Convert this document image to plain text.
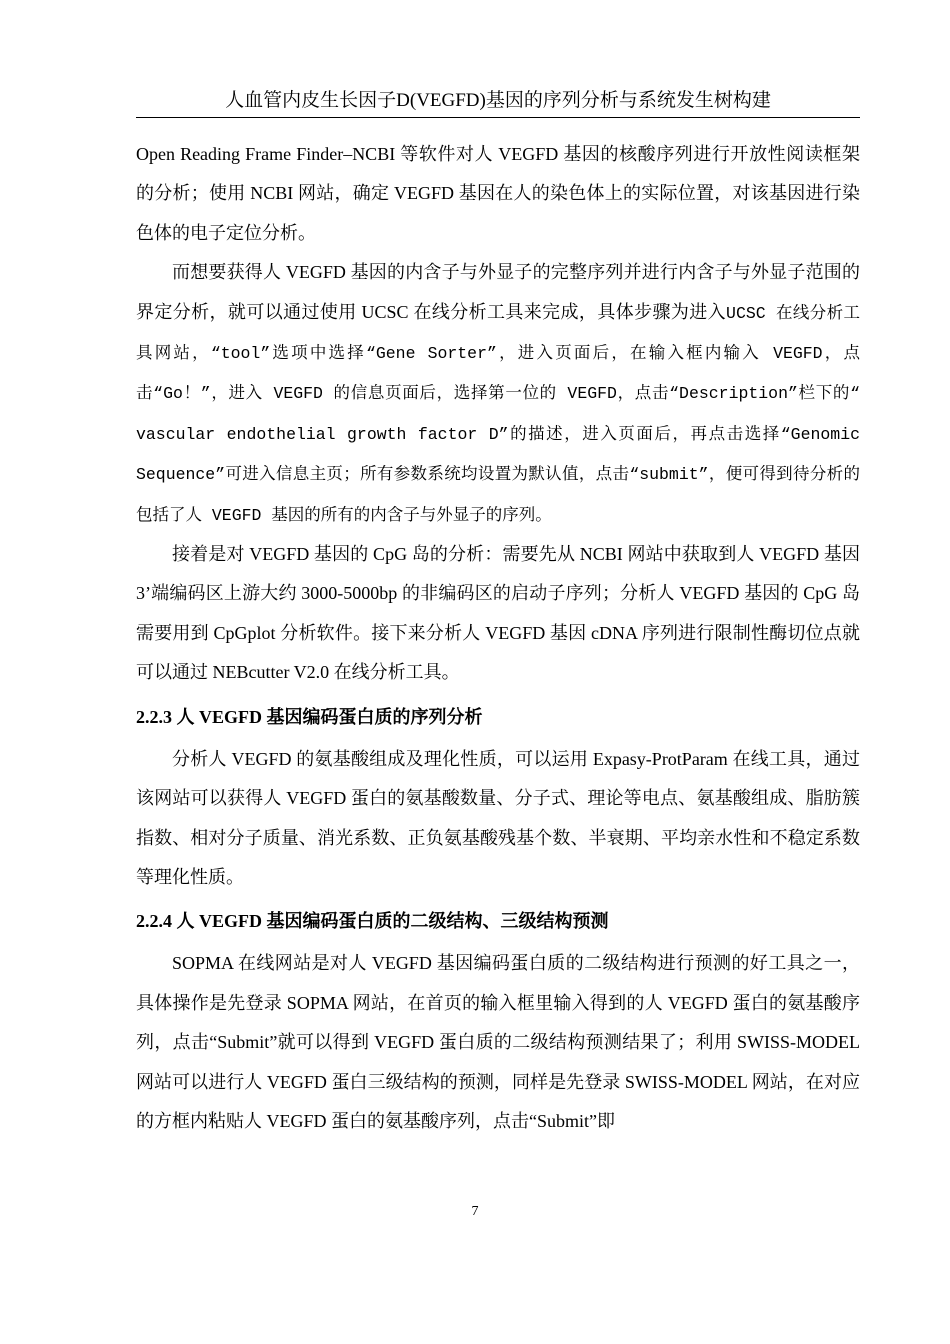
人血管内皮生长因子D(VEGFD)基因的序列分析与系统发生树构建

Open Reading Frame Finder–NCBI 等软件对人 VEGFD 基因的核酸序列进行开放性阅读框架的分析；使用 NCBI 网站，确定 VEGFD 基因在人的染色体上的实际位置，对该基因进行染色体的电子定位分析。

而想要获得人 VEGFD 基因的内含子与外显子的完整序列并进行内含子与外显子范围的界定分析，就可以通过使用 UCSC 在线分析工具来完成，具体步骤为进入UCSC 在线分析工具网站，“tool”选项中选择“Gene Sorter”，进入页面后，在输入框内输入 VEGFD，点击“Go！”，进入 VEGFD 的信息页面后，选择第一位的 VEGFD，点击“Description”栏下的“ vascular endothelial growth factor D”的描述，进入页面后，再点击选择“Genomic Sequence”可进入信息主页；所有参数系统均设置为默认值，点击“submit”，便可得到待分析的包括了人 VEGFD 基因的所有的内含子与外显子的序列。

接着是对 VEGFD 基因的 CpG 岛的分析：需要先从 NCBI 网站中获取到人 VEGFD 基因 3’端编码区上游大约 3000-5000bp 的非编码区的启动子序列；分析人 VEGFD 基因的 CpG 岛需要用到 CpGplot 分析软件。接下来分析人 VEGFD 基因 cDNA 序列进行限制性酶切位点就可以通过 NEBcutter V2.0 在线分析工具。

2.2.3 人 VEGFD 基因编码蛋白质的序列分析

分析人 VEGFD 的氨基酸组成及理化性质，可以运用 Expasy-ProtParam 在线工具，通过该网站可以获得人 VEGFD 蛋白的氨基酸数量、分子式、理论等电点、氨基酸组成、脂肪簇指数、相对分子质量、消光系数、正负氨基酸残基个数、半衰期、平均亲水性和不稳定系数等理化性质。

2.2.4 人 VEGFD 基因编码蛋白质的二级结构、三级结构预测

SOPMA 在线网站是对人 VEGFD 基因编码蛋白质的二级结构进行预测的好工具之一，具体操作是先登录 SOPMA 网站，在首页的输入框里输入得到的人 VEGFD 蛋白的氨基酸序列，点击“Submit”就可以得到 VEGFD 蛋白质的二级结构预测结果了；利用 SWISS-MODEL 网站可以进行人 VEGFD 蛋白三级结构的预测，同样是先登录 SWISS-MODEL 网站，在对应的方框内粘贴人 VEGFD 蛋白的氨基酸序列，点击“Submit”即

7
